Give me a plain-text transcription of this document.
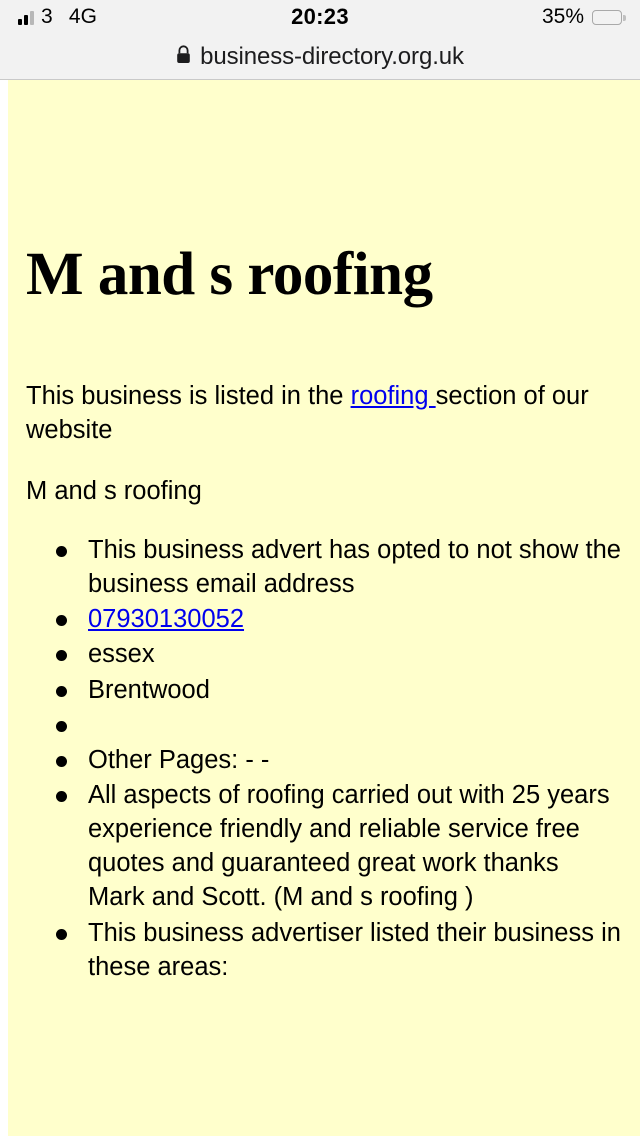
3 4G	20:23	35%
business-directory.org.uk
M and s roofing

This business is listed in the roofing section of our website

M and s roofing

This business advert has opted to not show the business email address
07930130052
essex
Brentwood
Other Pages: - -
All aspects of roofing carried out with 25 years experience friendly and reliable service free quotes and guaranteed great work thanks Mark and Scott. (M and s roofing )
This business advertiser listed their business in these areas:
